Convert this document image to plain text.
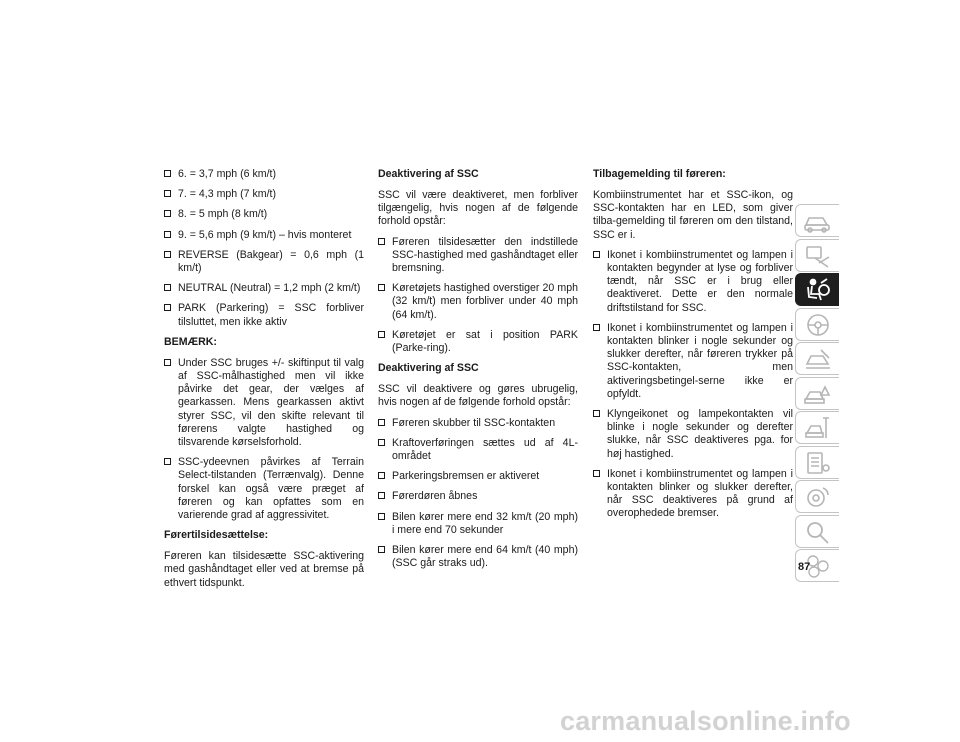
6. = 3,7 mph (6 km/t)
7. = 4,3 mph (7 km/t)
8. = 5 mph (8 km/t)
9. = 5,6 mph (9 km/t) – hvis monteret
REVERSE (Bakgear) = 0,6 mph (1 km/t)
NEUTRAL (Neutral) = 1,2 mph (2 km/t)
PARK (Parkering) = SSC forbliver tilsluttet, men ikke aktiv
BEMÆRK:
Under SSC bruges +/- skiftinput til valg af SSC-målhastighed men vil ikke påvirke det gear, der vælges af gearkassen. Mens gearkassen aktivt styrer SSC, vil den skifte relevant til førerens valgte hastighed og tilsvarende kørselsforhold.
SSC-ydeevnen påvirkes af Terrain Select-tilstanden (Terrænvalg). Denne forskel kan også være præget af føreren og kan opfattes som en varierende grad af aggressivitet.
Førertilsidesættelse:

Føreren kan tilsidesætte SSC-aktivering med gashåndtaget eller ved at bremse på ethvert tidspunkt.

Deaktivering af SSC

SSC vil være deaktiveret, men forbliver tilgængelig, hvis nogen af de følgende forhold opstår:

Føreren tilsidesætter den indstillede SSC-hastighed med gashåndtaget eller bremsning.
Køretøjets hastighed overstiger 20 mph (32 km/t) men forbliver under 40 mph (64 km/t).
Køretøjet er sat i position PARK (Parke-ring).
Deaktivering af SSC

SSC vil deaktivere og gøres ubrugelig, hvis nogen af de følgende forhold opstår:

Føreren skubber til SSC-kontakten
Kraftoverføringen sættes ud af 4L-området
Parkeringsbremsen er aktiveret
Førerdøren åbnes
Bilen kører mere end 32 km/t (20 mph) i mere end 70 sekunder
Bilen kører mere end 64 km/t (40 mph) (SSC går straks ud).
Tilbagemelding til føreren:

Kombiinstrumentet har et SSC-ikon, og SSC-kontakten har en LED, som giver tilba-gemelding til føreren om den tilstand, SSC er i.

Ikonet i kombiinstrumentet og lampen i kontakten begynder at lyse og forbliver tændt, når SSC er i brug eller deaktiveret. Dette er den normale driftstilstand for SSC.
Ikonet i kombiinstrumentet og lampen i kontakten blinker i nogle sekunder og slukker derefter, når føreren trykker på SSC-kontakten, men aktiveringsbetingel-serne ikke er opfyldt.
Klyngeikonet og lampekontakten vil blinke i nogle sekunder og derefter slukke, når SSC deaktiveres pga. for høj hastighed.
Ikonet i kombiinstrumentet og lampen i kontakten blinker og slukker derefter, når SSC deaktiveres på grund af overophedede bremser.
87
carmanualsonline.info
